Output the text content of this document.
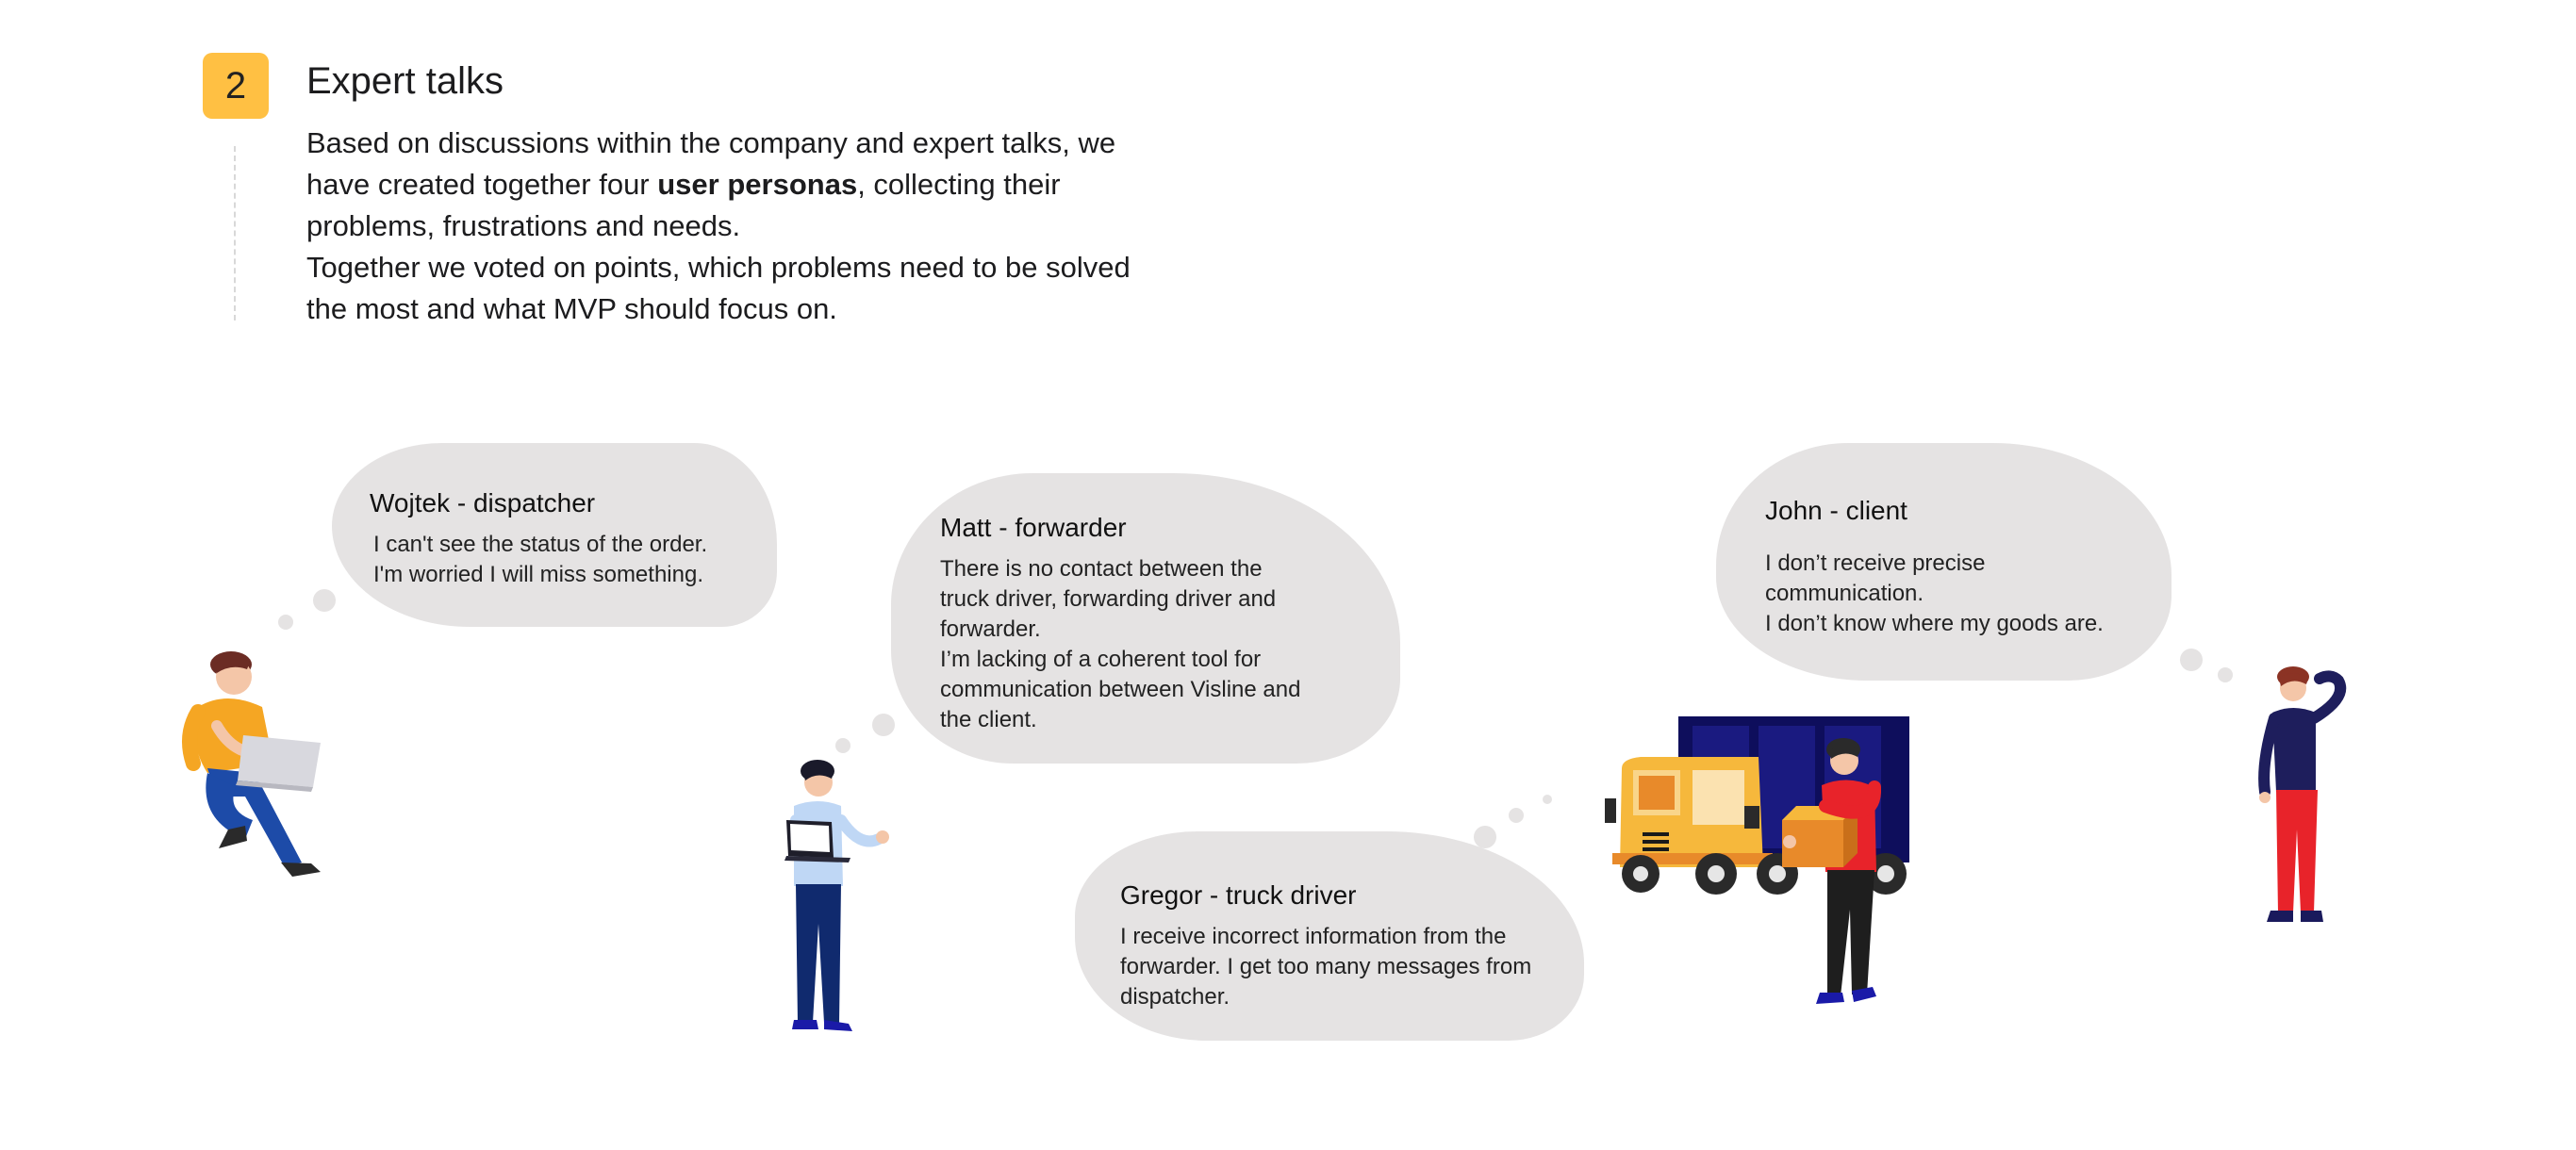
2	Expert talks

Based on discussions within the company and expert talks, we

have created together four user personas, collecting their

problems, frustrations and needs.

Together we voted on points, which problems need to be solved

the most and what MVP should focus on.

Wojtek - dispatcher

I can't see the status of the order.

I'm worried I will miss something.

Matt - forwarder

There is no contact between the

truck driver, forwarding driver and

forwarder.

I’m lacking of a coherent tool for

communication between Visline and

the client.

Gregor - truck driver

I receive incorrect information from the

forwarder. I get too many messages from

dispatcher.

John - client

I don’t receive precise

communication.

I don’t know where my goods are.
